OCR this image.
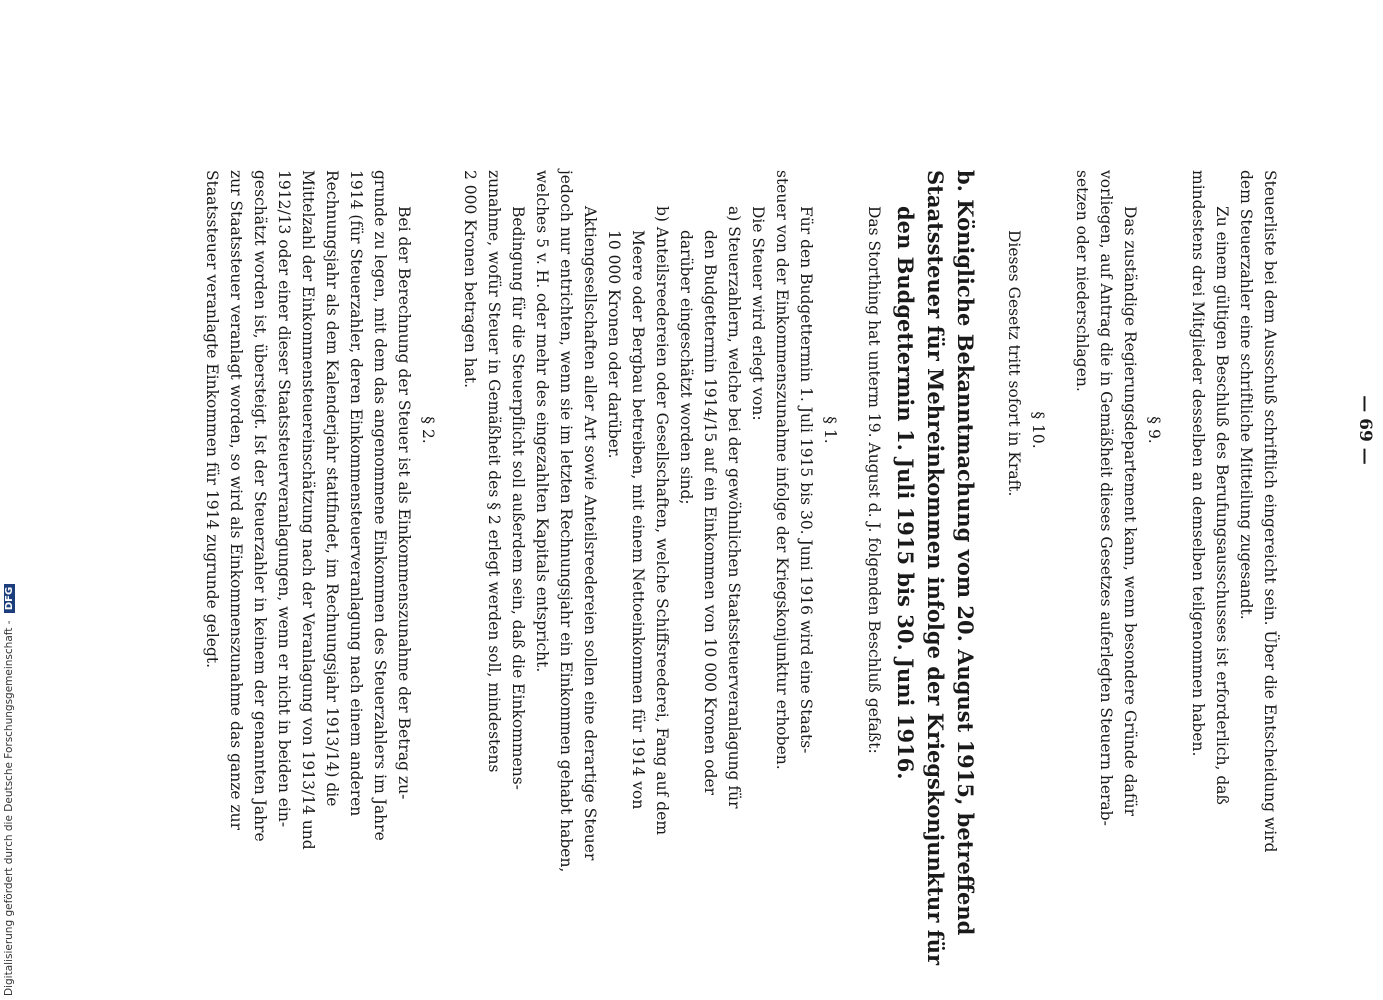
— 69 —
Steuerliste bei dem Ausschuß schriftlich eingereicht sein. Über die Entscheidung wird
dem Steuerzahler eine schriftliche Mitteilung zugesandt.
Zu einem gültigen Beschluß des Berufungsausschusses ist erforderlich, daß
mindestens drei Mitglieder desselben an demselben teilgenommen haben.
§ 9.
Das zuständige Regierungsdepartement kann, wenn besondere Gründe dafür
vorliegen, auf Antrag die in Gemäßheit dieses Gesetzes auferlegten Steuern herab-
setzen oder niederschlagen.
§ 10.
Dieses Gesetz tritt sofort in Kraft.
b. Königliche Bekanntmachung vom 20. August 1915, betreffend
Staatssteuer für Mehreinkommen infolge der Kriegskonjunktur für
den Budgettermin 1. Juli 1915 bis 30. Juni 1916.
Das Storthing hat unterm 19. August d. J. folgenden Beschluß gefaßt:
§ 1.
Für den Budgettermin 1. Juli 1915 bis 30. Juni 1916 wird eine Staats-
steuer von der Einkommenszunahme infolge der Kriegskonjunktur erhoben.
Die Steuer wird erlegt von:
a) Steuerzahlern, welche bei der gewöhnlichen Staatssteuerveranlagung für
den Budgettermin 1914/15 auf ein Einkommen von 10 000 Kronen oder
darüber eingeschätzt worden sind;
b) Anteilsreedereien oder Gesellschaften, welche Schiffsreederei, Fang auf dem
Meere oder Bergbau betreiben, mit einem Nettoeinkommen für 1914 von
10 000 Kronen oder darüber.
Aktiengesellschaften aller Art sowie Anteilsreedereien sollen eine derartige Steuer
jedoch nur entrichten, wenn sie im letzten Rechnungsjahr ein Einkommen gehabt haben,
welches 5 v. H. oder mehr des eingezahlten Kapitals entspricht.
Bedingung für die Steuerpflicht soll außerdem sein, daß die Einkommens-
zunahme, wofür Steuer in Gemäßheit des § 2 erlegt werden soll, mindestens
2 000 Kronen betragen hat.
§ 2.
Bei der Berechnung der Steuer ist als Einkommenszunahme der Betrag zu-
grunde zu legen, mit dem das angenommene Einkommen des Steuerzahlers im Jahre
1914 (für Steuerzahler, deren Einkommensteuerveranlagung nach einem anderen
Rechnungsjahr als dem Kalenderjahr stattfindet, im Rechnungsjahr 1913/14) die
Mittelzahl der Einkommensteuereinschätzung nach der Veranlagung von 1913/14 und
1912/13 oder einer dieser Staatssteuerveranlagungen, wenn er nicht in beiden ein-
geschätzt worden ist, übersteigt. Ist der Steuerzahler in keinem der genannten Jahre
zur Staatssteuer veranlagt worden, so wird als Einkommenszunahme das ganze zur
Staatssteuer veranlagte Einkommen für 1914 zugrunde gelegt.
Digitalisierung gefördert durch die Deutsche Forschungsgemeinschaft - DFG
